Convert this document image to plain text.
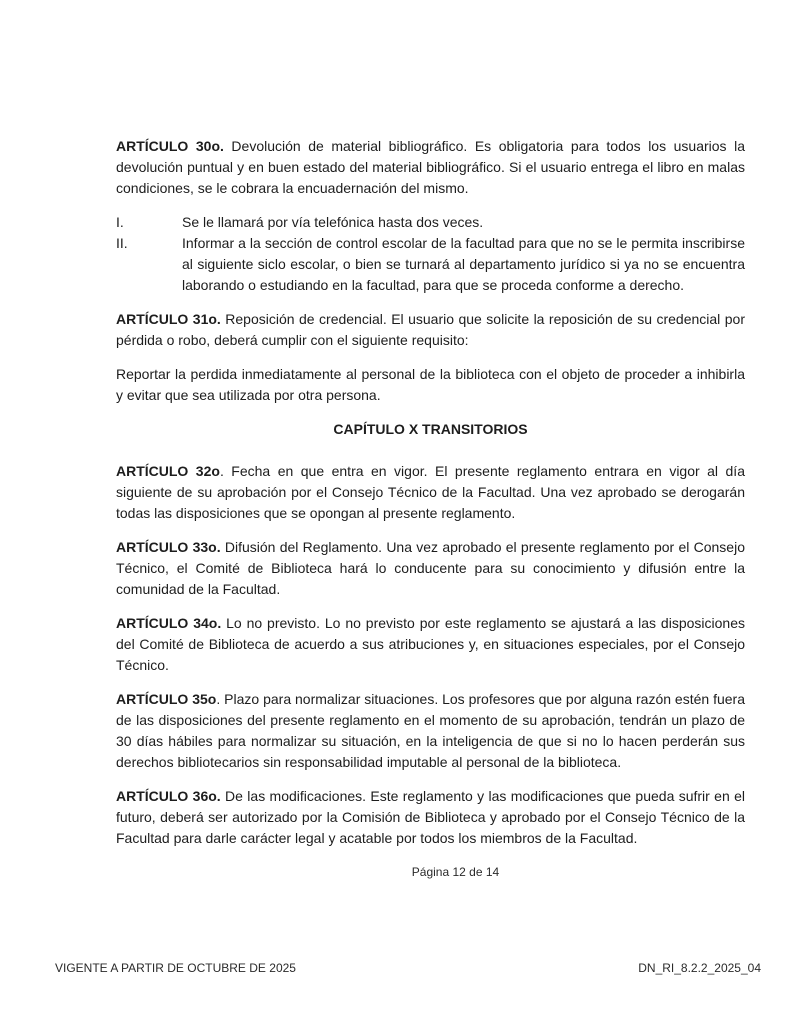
ARTÍCULO 30o. Devolución de material bibliográfico. Es obligatoria para todos los usuarios la devolución puntual y en buen estado del material bibliográfico. Si el usuario entrega el libro en malas condiciones, se le cobrara la encuadernación del mismo.

I.	Se le llamará por vía telefónica hasta dos veces.
II.	Informar a la sección de control escolar de la facultad para que no se le permita inscribirse al siguiente siclo escolar, o bien se turnará al departamento jurídico si ya no se encuentra laborando o estudiando en la facultad, para que se proceda conforme a derecho.

ARTÍCULO 31o. Reposición de credencial. El usuario que solicite la reposición de su credencial por pérdida o robo, deberá cumplir con el siguiente requisito:

Reportar la perdida inmediatamente al personal de la biblioteca con el objeto de proceder a inhibirla y evitar que sea utilizada por otra persona.

CAPÍTULO X TRANSITORIOS

ARTÍCULO 32o. Fecha en que entra en vigor. El presente reglamento entrara en vigor al día siguiente de su aprobación por el Consejo Técnico de la Facultad. Una vez aprobado se derogarán todas las disposiciones que se opongan al presente reglamento.

ARTÍCULO 33o. Difusión del Reglamento. Una vez aprobado el presente reglamento por el Consejo Técnico, el Comité de Biblioteca hará lo conducente para su conocimiento y difusión entre la comunidad de la Facultad.

ARTÍCULO 34o. Lo no previsto. Lo no previsto por este reglamento se ajustará a las disposiciones del Comité de Biblioteca de acuerdo a sus atribuciones y, en situaciones especiales, por el Consejo Técnico.

ARTÍCULO 35o. Plazo para normalizar situaciones. Los profesores que por alguna razón estén fuera de las disposiciones del presente reglamento en el momento de su aprobación, tendrán un plazo de 30 días hábiles para normalizar su situación, en la inteligencia de que si no lo hacen perderán sus derechos bibliotecarios sin responsabilidad imputable al personal de la biblioteca.

ARTÍCULO 36o. De las modificaciones. Este reglamento y las modificaciones que pueda sufrir en el futuro, deberá ser autorizado por la Comisión de Biblioteca y aprobado por el Consejo Técnico de la Facultad para darle carácter legal y acatable por todos los miembros de la Facultad.

Página 12 de 14
VIGENTE A PARTIR DE OCTUBRE DE 2025	DN_RI_8.2.2_2025_04
